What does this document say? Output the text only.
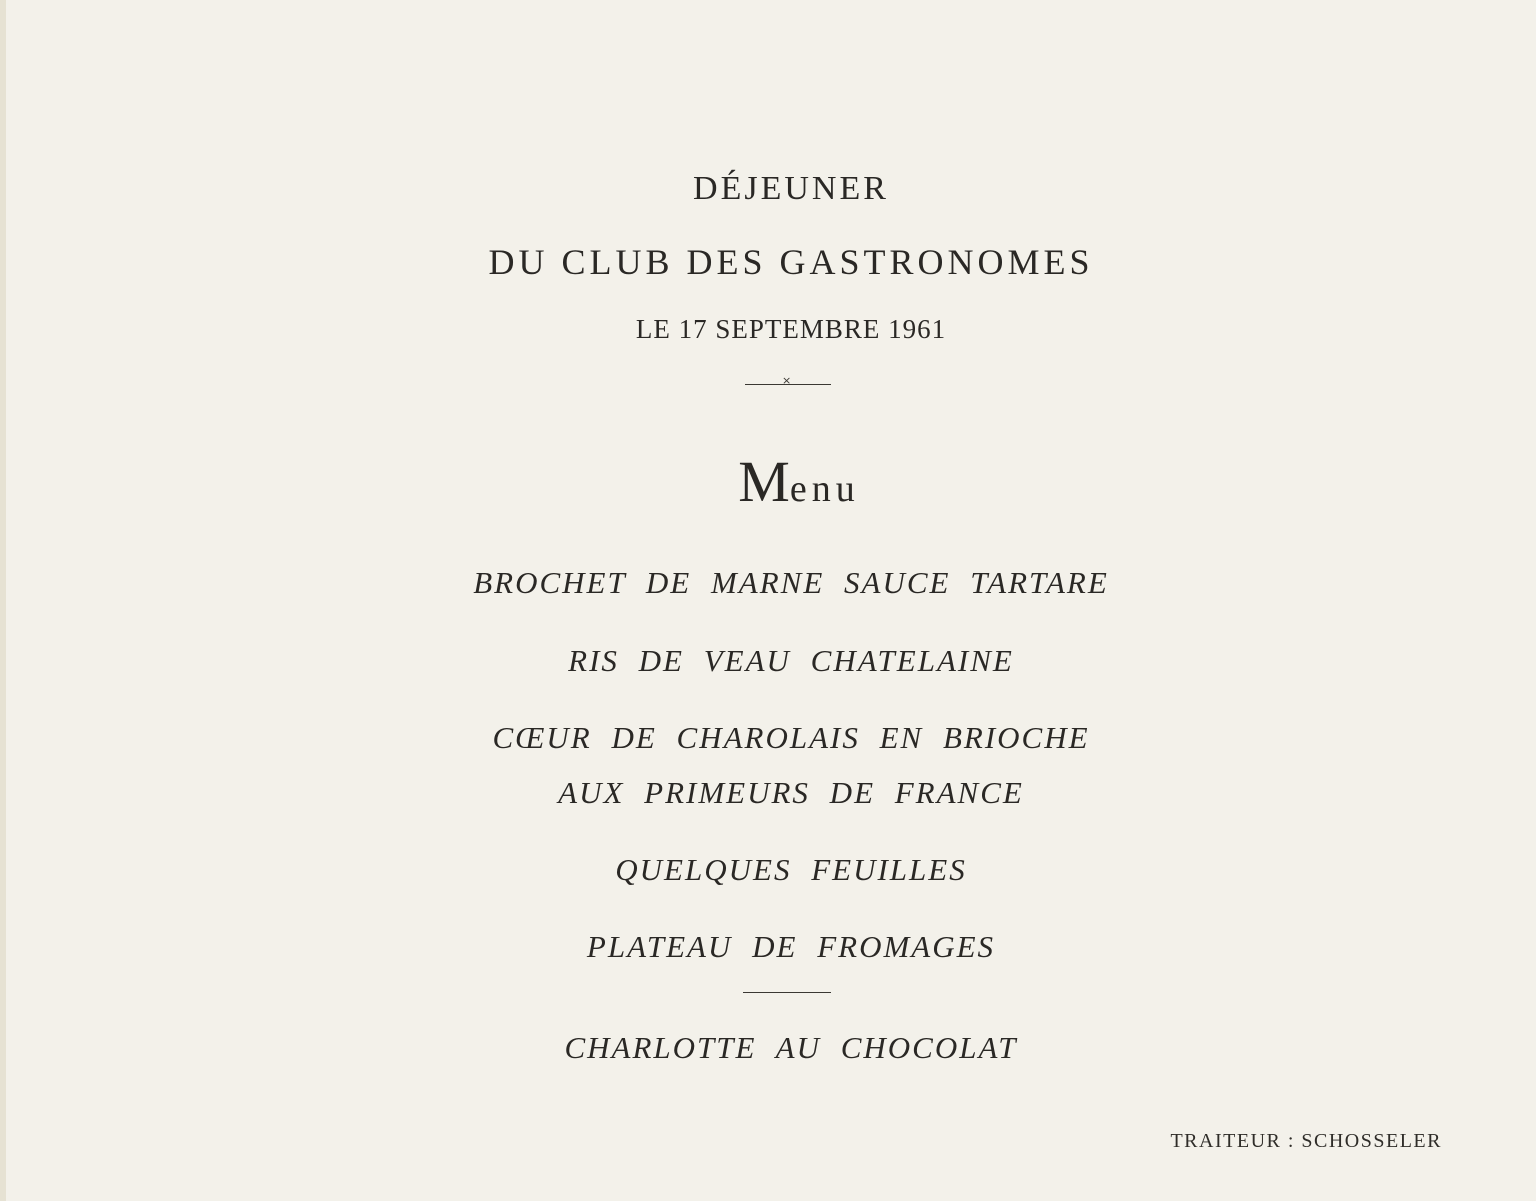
DÉJEUNER
DU CLUB DES GASTRONOMES
LE 17 SEPTEMBRE 1961
×
Menu
BROCHET DE MARNE SAUCE TARTARE
RIS DE VEAU CHATELAINE
CŒUR DE CHAROLAIS EN BRIOCHE
AUX PRIMEURS DE FRANCE
QUELQUES FEUILLES
PLATEAU DE FROMAGES
CHARLOTTE AU CHOCOLAT
TRAITEUR : SCHOSSELER
